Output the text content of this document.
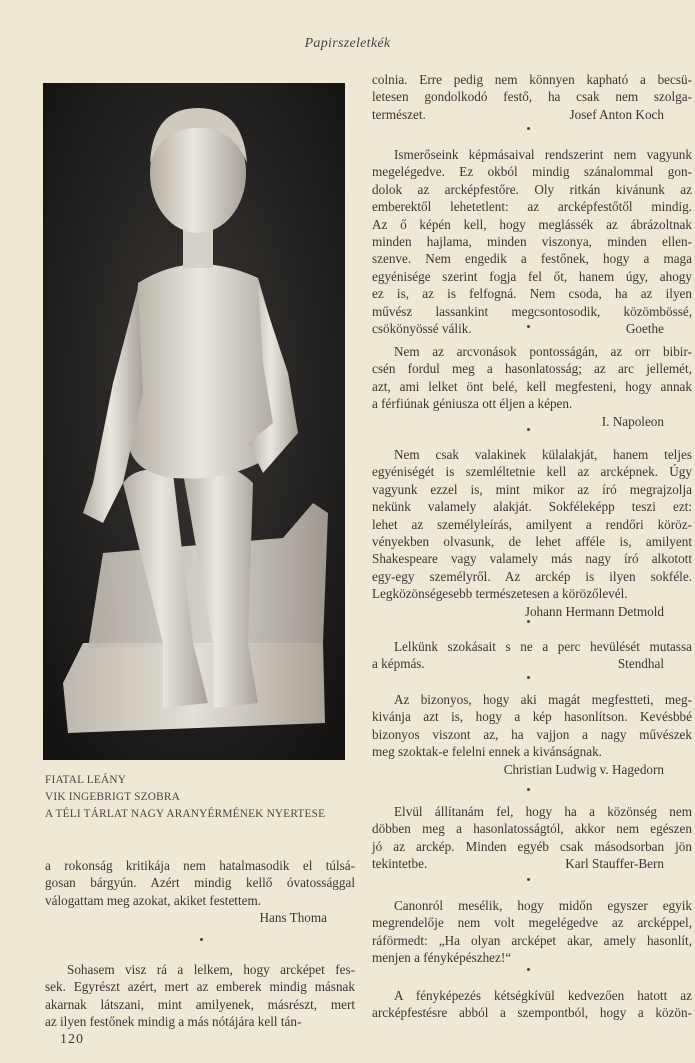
Papirszeletkék
FIATAL LEÁNY
VIK INGEBRIGT SZOBRA
A TÉLI TÁRLAT NAGY ARANYÉRMÉNEK NYERTESE
a rokonság kritikája nem hatalmasodik el túlsá-
gosan bárgyún. Azért mindig kellő óvatossággal
válogattam meg azokat, akiket festettem.
Hans Thoma
Sohasem visz rá a lelkem, hogy arcképet fes-
sek. Egyrészt azért, mert az emberek mindig másnak
akarnak látszani, mint amilyenek, másrészt, mert
az ilyen festőnek mindig a más nótájára kell tán-
colnia. Erre pedig nem könnyen kapható a becsü-
letesen gondolkodó festő, ha csak nem szolga-
természet.	Josef Anton Koch
Ismerőseink képmásaival rendszerint nem vagyunk
megelégedve. Ez okból mindig szánalommal gon-
dolok az arcképfestőre. Oly ritkán kivánunk az
emberektől lehetetlent: az arcképfestőtől mindig.
Az ő képén kell, hogy meglássék az ábrázoltnak
minden hajlama, minden viszonya, minden ellen-
szenve. Nem engedik a festőnek, hogy a maga
egyénisége szerint fogja fel őt, hanem úgy, ahogy
ez is, az is felfogná. Nem csoda, ha az ilyen
művész lassankint megcsontosodik, közömbössé,
csökönyössé válik.	Goethe
Nem az arcvonások pontosságán, az orr bibir-
csén fordul meg a hasonlatosság; az arc jellemét,
azt, ami lelket önt belé, kell megfesteni, hogy annak
a férfiúnak géniusza ott éljen a képen.
I. Napoleon
Nem csak valakinek külalakját, hanem teljes
egyéniségét is szemléltetnie kell az arcképnek. Úgy
vagyunk ezzel is, mint mikor az író megrajzolja
nekünk valamely alakját. Sokféleképp teszi ezt:
lehet az személyleírás, amilyent a rendőri köröz-
vényekben olvasunk, de lehet afféle is, amilyent
Shakespeare vagy valamely más nagy író alkotott
egy-egy személyről. Az arckép is ilyen sokféle.
Legközönségesebb természetesen a körözőlevél.
Johann Hermann Detmold
Lelkünk szokásait s ne a perc hevülését mutassa
a képmás.	Stendhal
Az bizonyos, hogy aki magát megfestteti, meg-
kivánja azt is, hogy a kép hasonlítson. Kevésbbé
bizonyos viszont az, ha vajjon a nagy művészek
meg szoktak-e felelni ennek a kivánságnak.
Christian Ludwig v. Hagedorn
Elvül állítanám fel, hogy ha a közönség nem
döbben meg a hasonlatosságtól, akkor nem egészen
jó az arckép. Minden egyéb csak másodsorban jön
tekintetbe.	Karl Stauffer-Bern
Canonról mesélik, hogy midőn egyszer egyik
megrendelője nem volt megelégedve az arcképpel,
ráförmedt: „Ha olyan arcképet akar, amely hasonlít,
menjen a fényképészhez!“
A fényképezés kétségkívül kedvezően hatott az
arcképfestésre abból a szempontból, hogy a közön-
120
